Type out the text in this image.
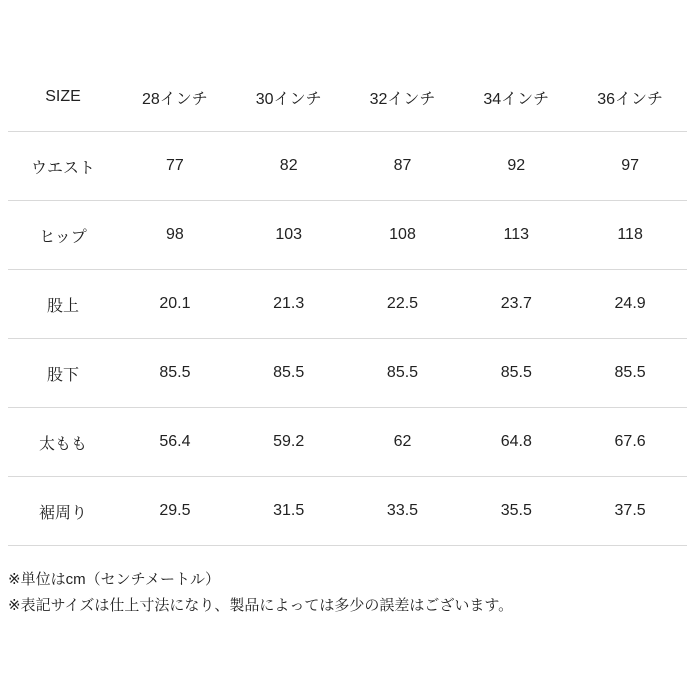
SIZE	28インチ	30インチ	32インチ	34インチ	36インチ
ウエスト	77	82	87	92	97
ヒップ	98	103	108	113	118
股上	20.1	21.3	22.5	23.7	24.9
股下	85.5	85.5	85.5	85.5	85.5
太もも	56.4	59.2	62	64.8	67.6
裾周り	29.5	31.5	33.5	35.5	37.5

※単位はcm（センチメートル）

※表記サイズは仕上寸法になり、製品によっては多少の誤差はございます。
